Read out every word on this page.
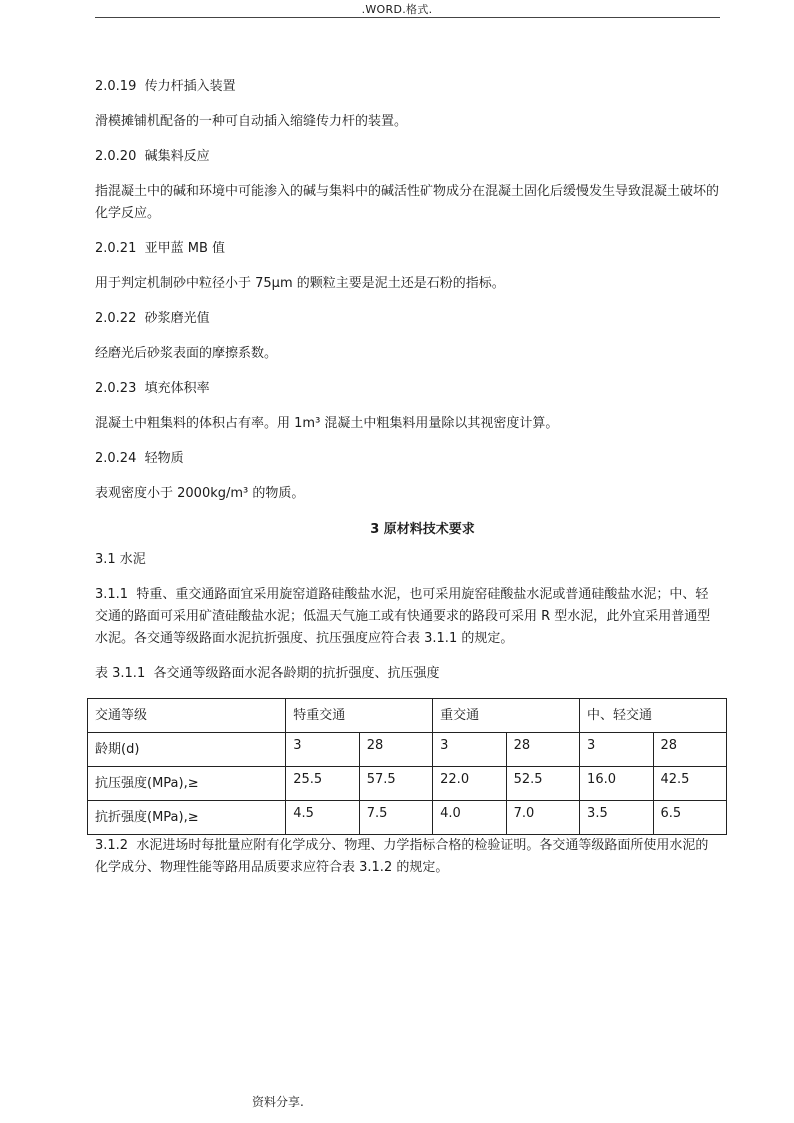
.WORD.格式.

2.0.19  传力杆插入装置

滑模摊铺机配备的一种可自动插入缩缝传力杆的装置。

2.0.20  碱集料反应

指混凝土中的碱和环境中可能渗入的碱与集料中的碱活性矿物成分在混凝土固化后缓慢发生导致混凝土破坏的化学反应。

2.0.21  亚甲蓝 MB 值

用于判定机制砂中粒径小于 75μm 的颗粒主要是泥土还是石粉的指标。

2.0.22  砂浆磨光值

经磨光后砂浆表面的摩擦系数。

2.0.23  填充体积率

混凝土中粗集料的体积占有率。用 1m³ 混凝土中粗集料用量除以其视密度计算。

2.0.24  轻物质

表观密度小于 2000kg/m³ 的物质。

3 原材料技术要求

3.1 水泥

3.1.1  特重、重交通路面宜采用旋窑道路硅酸盐水泥，也可采用旋窑硅酸盐水泥或普通硅酸盐水泥；中、轻交通的路面可采用矿渣硅酸盐水泥；低温天气施工或有快通要求的路段可采用 R 型水泥，此外宜采用普通型水泥。各交通等级路面水泥抗折强度、抗压强度应符合表 3.1.1 的规定。

表 3.1.1  各交通等级路面水泥各龄期的抗折强度、抗压强度

交通等级	特重交通		重交通		中、轻交通	
龄期(d)	3	28	3	28	3	28
抗压强度(MPa),≥	25.5	57.5	22.0	52.5	16.0	42.5
抗折强度(MPa),≥	4.5	7.5	4.0	7.0	3.5	6.5

3.1.2  水泥进场时每批量应附有化学成分、物理、力学指标合格的检验证明。各交通等级路面所使用水泥的化学成分、物理性能等路用品质要求应符合表 3.1.2 的规定。

资料分享.
